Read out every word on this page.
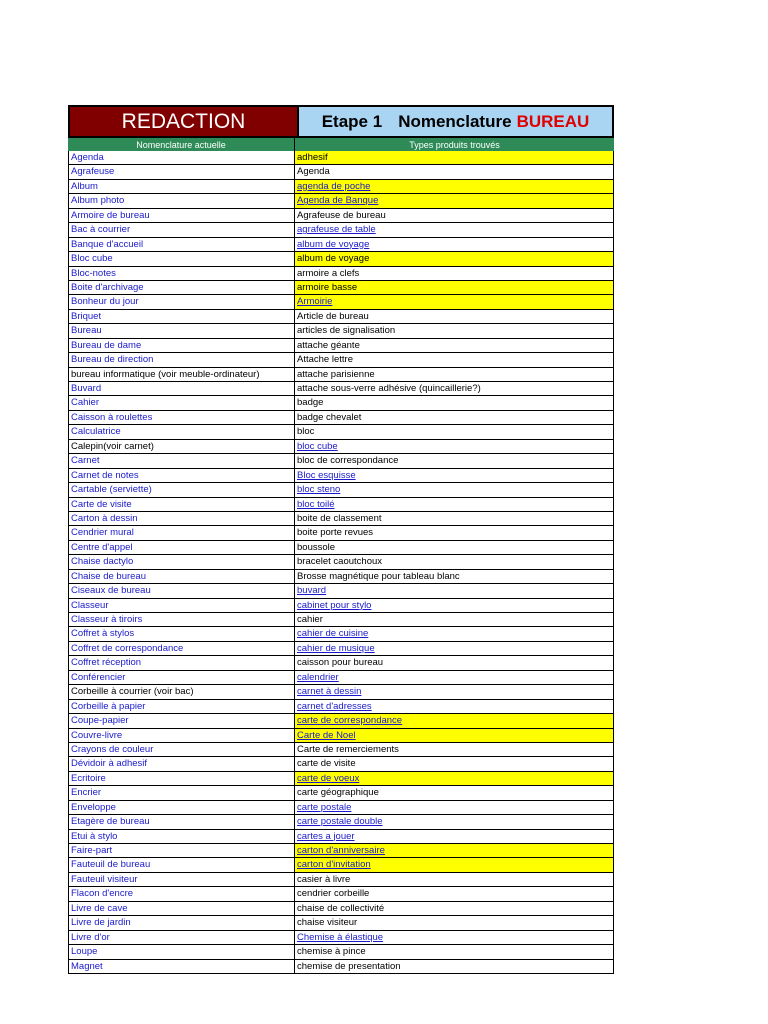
REDACTION	Etape 1 Nomenclature BUREAU
Nomenclature actuelle	Types produits trouvés
Agenda	adhesif
Agrafeuse	Agenda
Album	agenda de poche
Album photo	Agenda de Banque
Armoire de bureau	Agrafeuse de bureau
Bac à courrier	agrafeuse de table
Banque d'accueil	album de voyage
Bloc cube	album de voyage
Bloc-notes	armoire a clefs
Boite d'archivage	armoire basse
Bonheur du jour	Armoirie
Briquet	Article de bureau
Bureau	articles de signalisation
Bureau de dame	attache géante
Bureau de direction	Attache lettre
bureau informatique (voir meuble-ordinateur)	attache parisienne
Buvard	attache sous-verre adhésive (quincaillerie?)
Cahier	badge
Caisson à roulettes	badge chevalet
Calculatrice	bloc
Calepin(voir carnet)	bloc cube
Carnet	bloc de correspondance
Carnet de notes	Bloc esquisse
Cartable (serviette)	bloc steno
Carte de visite	bloc toilé
Carton à dessin	boite de classement
Cendrier mural	boite porte revues
Centre d'appel	boussole
Chaise dactylo	bracelet caoutchoux
Chaise de bureau	Brosse magnétique pour tableau blanc
Ciseaux de bureau	buvard
Classeur	cabinet pour stylo
Classeur à tiroirs	cahier
Coffret à stylos	cahier de cuisine
Coffret de correspondance	cahier de musique
Coffret réception	caisson pour bureau
Conférencier	calendrier
Corbeille à courrier (voir bac)	carnet à dessin
Corbeille à papier	carnet d'adresses
Coupe-papier	carte de correspondance
Couvre-livre	Carte de Noel
Crayons de couleur	Carte de remerciements
Dévidoir à adhesif	carte de visite
Ecritoire	carte de voeux
Encrier	carte géographique
Enveloppe	carte postale
Etagère de bureau	carte postale double
Etui à stylo	cartes a jouer
Faire-part	carton d'anniversaire
Fauteuil de bureau	carton d'invitation
Fauteuil visiteur	casier à livre
Flacon d'encre	cendrier corbeille
Livre de cave	chaise de collectivité
Livre de jardin	chaise visiteur
Livre d'or	Chemise à élastique
Loupe	chemise à pince
Magnet	chemise de presentation
